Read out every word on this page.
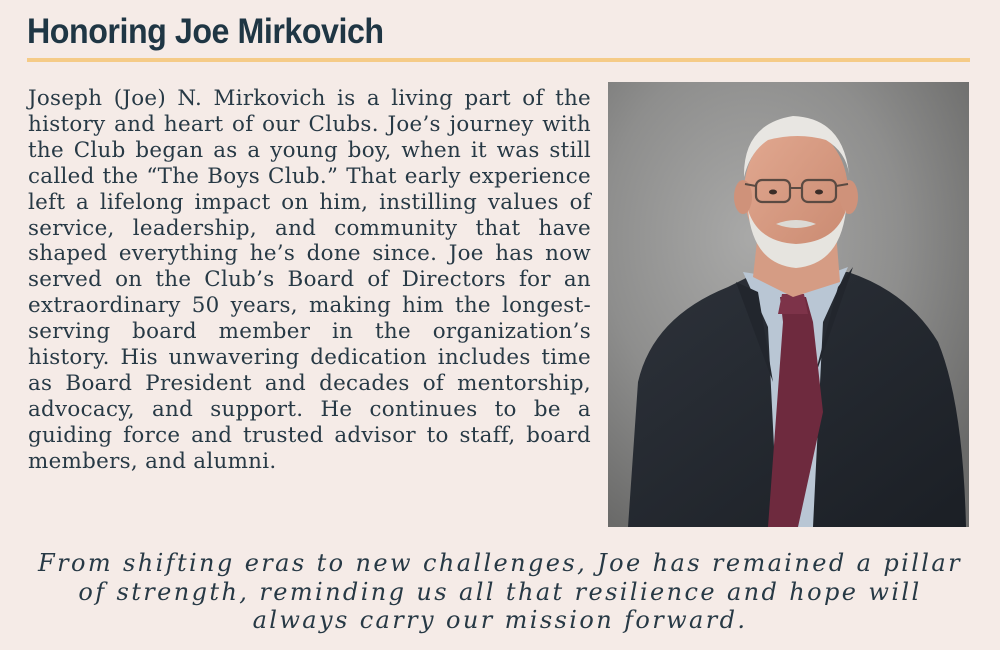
Honoring Joe Mirkovich

Joseph (Joe) N. Mirkovich is a living part of the history and heart of our Clubs. Joe’s journey with the Club began as a young boy, when it was still called the “The Boys Club.” That early experience left a lifelong impact on him, instilling values of service, leadership, and community that have shaped everything he’s done since. Joe has now served on the Club’s Board of Directors for an extraordinary 50 years, making him the longest-serving board member in the organization’s history. His unwavering dedication includes time as Board President and decades of mentorship, advocacy, and support. He continues to be a guiding force and trusted advisor to staff, board members, and alumni.

From shifting eras to new challenges, Joe has remained a pillar of strength, reminding us all that resilience and hope will always carry our mission forward.
